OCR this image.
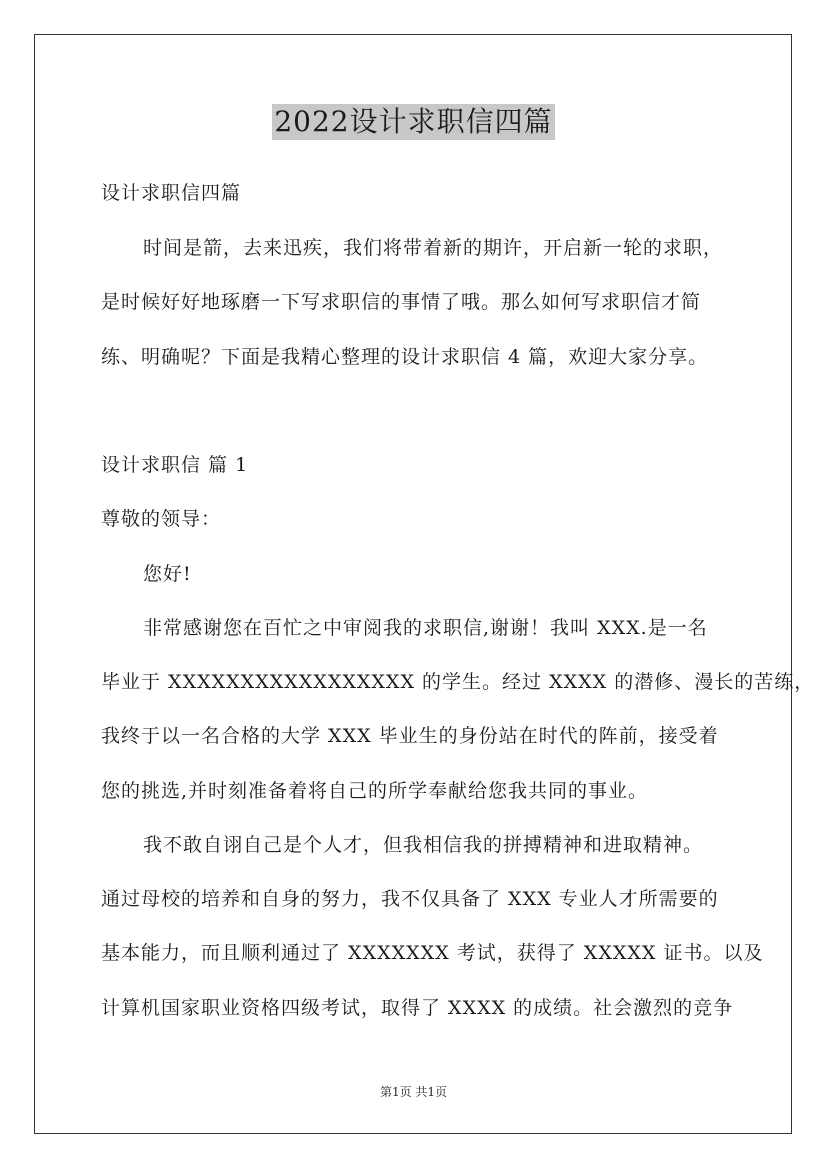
2022设计求职信四篇
设计求职信四篇
时间是箭，去来迅疾，我们将带着新的期许，开启新一轮的求职，
是时候好好地琢磨一下写求职信的事情了哦。那么如何写求职信才简
练、明确呢？下面是我精心整理的设计求职信 4 篇，欢迎大家分享。
设计求职信 篇 1
尊敬的领导：
您好!
非常感谢您在百忙之中审阅我的求职信,谢谢！我叫 XXX.是一名
毕业于 XXXXXXXXXXXXXXXXX 的学生。经过 XXXX 的潜修、漫长的苦练，
我终于以一名合格的大学 XXX 毕业生的身份站在时代的阵前，接受着
您的挑选,并时刻准备着将自己的所学奉献给您我共同的事业。
我不敢自诩自己是个人才，但我相信我的拼搏精神和进取精神。
通过母校的培养和自身的努力，我不仅具备了 XXX 专业人才所需要的
基本能力，而且顺利通过了 XXXXXXX 考试，获得了 XXXXX 证书。以及
计算机国家职业资格四级考试，取得了 XXXX 的成绩。社会激烈的竞争
第1页 共1页
